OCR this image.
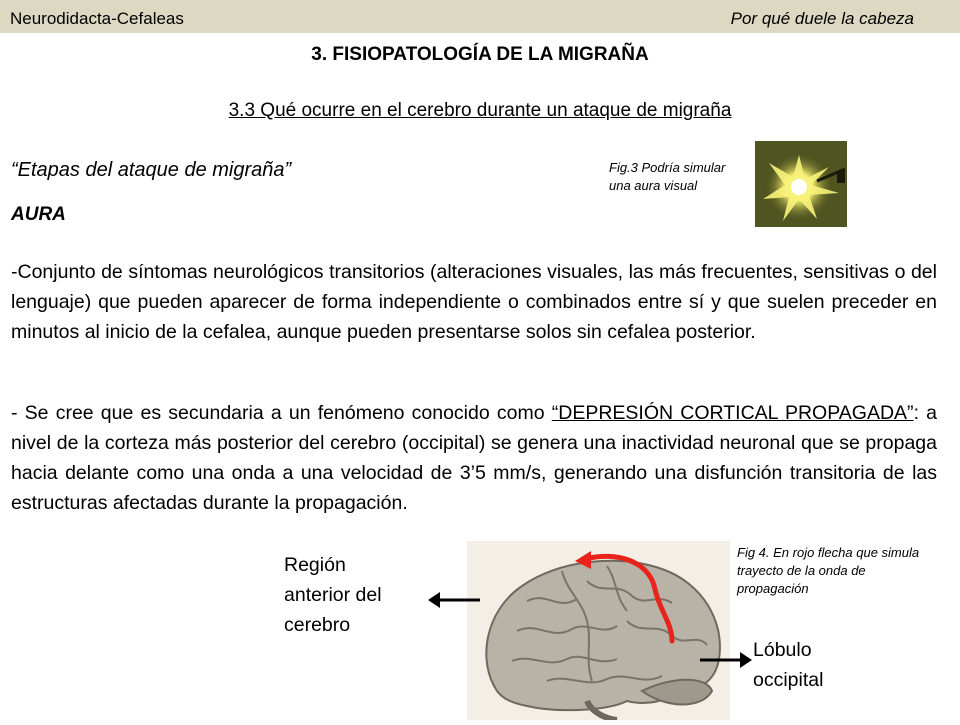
Neurodidacta-Cefaleas	Por qué duele la cabeza
3. FISIOPATOLOGÍA DE LA MIGRAÑA
3.3 Qué ocurre en el cerebro durante un ataque de migraña
“Etapas del ataque de migraña”
AURA
Fig.3 Podría simular una aura visual
-Conjunto de síntomas neurológicos transitorios (alteraciones visuales, las más frecuentes, sensitivas o del lenguaje) que pueden aparecer de forma independiente o combinados entre sí y que suelen preceder en minutos al inicio de la cefalea, aunque pueden presentarse solos sin cefalea posterior.
- Se cree que es secundaria a un fenómeno conocido como “DEPRESIÓN CORTICAL PROPAGADA”: a nivel de la corteza más posterior del cerebro (occipital) se genera una inactividad neuronal que se propaga hacia delante como una onda a una velocidad de 3’5 mm/s, generando una disfunción transitoria de las estructuras afectadas durante la propagación.
Fig 4. En rojo flecha que simula trayecto de la onda de propagación
Región anterior del cerebro
Lóbulo occipital
